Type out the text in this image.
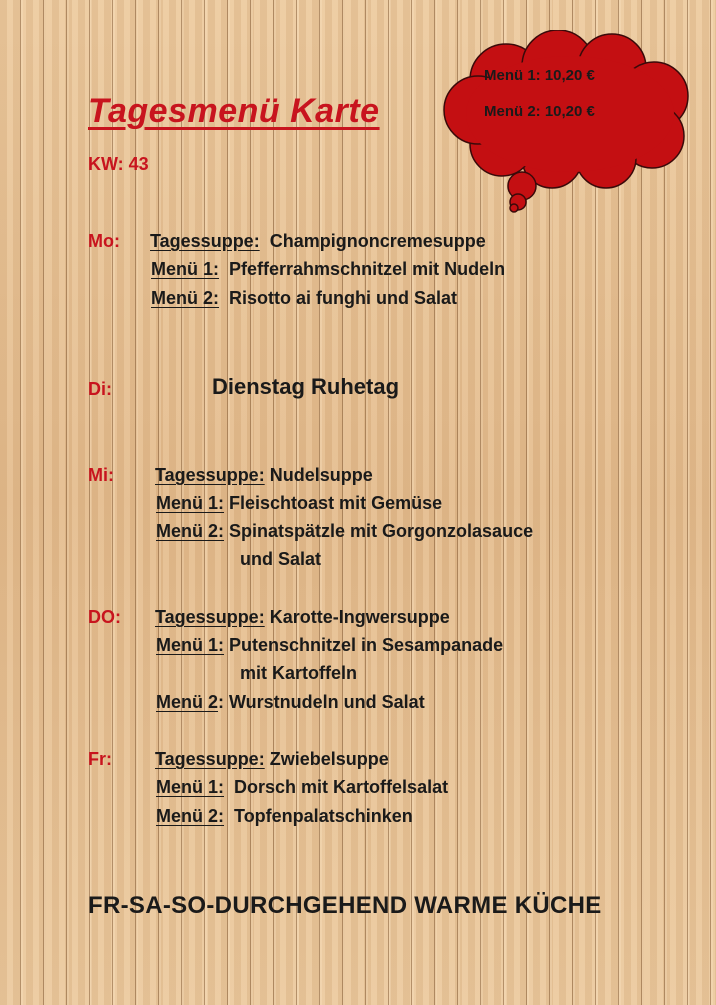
Tagesmenü Karte
KW: 43
Menü 1: 10,20 €
Menü 2: 10,20 €
Mo: Tagessuppe: Champignoncremesuppe
Menü 1: Pfefferrahmschnitzel mit Nudeln
Menü 2: Risotto ai funghi und Salat
Di:	Dienstag Ruhetag
Mi: Tagessuppe: Nudelsuppe
Menü 1: Fleischtoast mit Gemüse
Menü 2: Spinatspätzle mit Gorgonzolasauce
und Salat
DO: Tagessuppe: Karotte-Ingwersuppe
Menü 1: Putenschnitzel in Sesampanade
mit Kartoffeln
Menü 2: Wurstnudeln und Salat
Fr: Tagessuppe: Zwiebelsuppe
Menü 1: Dorsch mit Kartoffelsalat
Menü 2: Topfenpalatschinken
FR-SA-SO-DURCHGEHEND WARME KÜCHE
